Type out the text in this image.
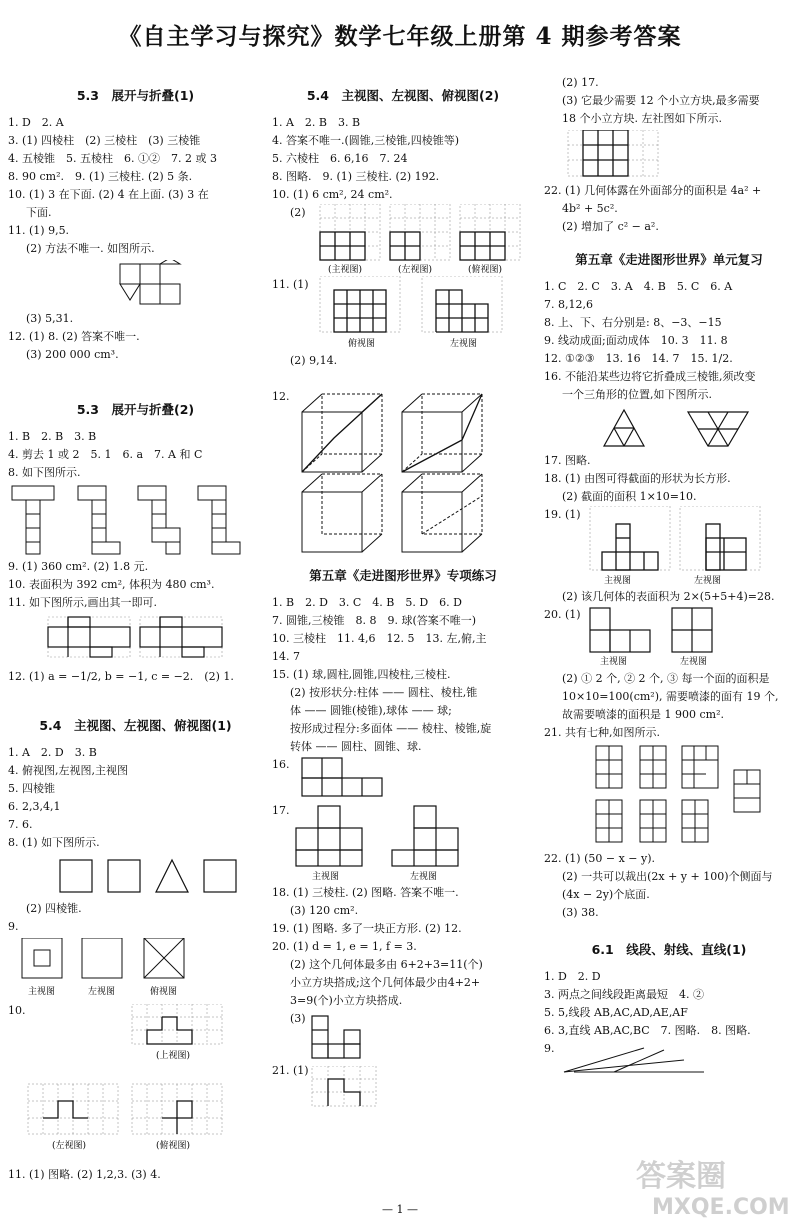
《自主学习与探究》数学七年级上册第 4 期参考答案
5.3　展开与折叠(1)
1. D　2. A
3. (1) 四棱柱　(2) 三棱柱　(3) 三棱锥
4. 五棱锥　5. 五棱柱　6. ①②　7. 2 或 3
8. 90 cm².　9. (1) 三棱柱. (2) 5 条.
10. (1) 3 在下面. (2) 4 在上面. (3) 3 在
下面.
11. (1) 9,5.
(2) 方法不唯一. 如图所示.
(3) 5,31.
12. (1) 8. (2) 答案不唯一.
(3) 200 000 cm³.
5.3　展开与折叠(2)
1. B　2. B　3. B
4. 剪去 1 或 2　5. 1　6. a　7. A 和 C
8. 如下图所示.
9. (1) 360 cm². (2) 1.8 元.
10. 表面积为 392 cm², 体积为 480 cm³.
11. 如下图所示,画出其一即可.
12. (1) a = −1/2, b = −1, c = −2.　(2) 1.
5.4　主视图、左视图、俯视图(1)
1. A　2. D　3. B
4. 俯视图,左视图,主视图
5. 四棱锥
6. 2,3,4,1
7. 6.
8. (1) 如下图所示.
(2) 四棱锥.
9.
主视图	左视图	俯视图
10.
(上视图)
(左视图)	(俯视图)
11. (1) 图略. (2) 1,2,3. (3) 4.
5.4　主视图、左视图、俯视图(2)
1. A　2. B　3. B
4. 答案不唯一.(圆锥,三棱锥,四棱锥等)
5. 六棱柱　6. 6,16　7. 24
8. 图略.　9. (1) 三棱柱. (2) 192.
10. (1) 6 cm², 24 cm².
(2)
(主视图)	(左视图)	(俯视图)
11. (1)
俯视图	左视图
(2) 9,14.
12.
第五章《走进图形世界》专项练习
1. B　2. D　3. C　4. B　5. D　6. D
7. 圆锥,三棱锥　8. 8　9. 球(答案不唯一)
10. 三棱柱　11. 4,6　12. 5　13. 左,俯,主
14. 7
15. (1) 球,圆柱,圆锥,四棱柱,三棱柱.
(2) 按形状分:柱体 —— 圆柱、棱柱,锥
体 —— 圆锥(棱锥),球体 —— 球;
按形成过程分:多面体 —— 棱柱、棱锥,旋
转体 —— 圆柱、圆锥、球.
16.
17.
主视图	左视图
18. (1) 三棱柱. (2) 图略. 答案不唯一.
(3) 120 cm².
19. (1) 图略. 多了一块正方形. (2) 12.
20. (1) d = 1, e = 1, f = 3.
(2) 这个几何体最多由 6+2+3=11(个)
小立方块搭成;这个几何体最少由4+2+
3=9(个)小立方块搭成.
(3)
21. (1)
(2) 17.
(3) 它最少需要 12 个小立方块,最多需要
18 个小立方块. 左社图如下所示.
22. (1) 几何体露在外面部分的面积是 4a² +
4b² + 5c².
(2) 增加了 c² − a².
第五章《走进图形世界》单元复习
1. C　2. C　3. A　4. B　5. C　6. A
7. 8,12,6
8. 上、下、右分别是: 8、−3、−15
9. 线动成面;面动成体　10. 3　11. 8
12. ①②③　13. 16　14. 7　15. 1/2.
16. 不能沿某些边将它折叠成三棱锥,须改变
一个三角形的位置,如下图所示.
17. 图略.
18. (1) 由图可得截面的形状为长方形.
(2) 截面的面积 1×10=10.
19. (1)
主视图	左视图
(2) 该几何体的表面积为 2×(5+5+4)=28.
20. (1)
主视图	左视图
(2) ① 2 个, ② 2 个, ③ 每一个面的面积是
10×10=100(cm²), 需要喷漆的面有 19 个,
故需要喷漆的面积是 1 900 cm².
21. 共有七种,如图所示.
22. (1) (50 − x − y).
(2) 一共可以裁出(2x + y + 100)个侧面与
(4x − 2y)个底面.
(3) 38.
6.1　线段、射线、直线(1)
1. D　2. D
3. 两点之间线段距离最短　4. ②
5. 5,线段 AB,AC,AD,AE,AF
6. 3,直线 AB,AC,BC　7. 图略.　8. 图略.
9.
— 1 —
答案圈
MXQE.COM
